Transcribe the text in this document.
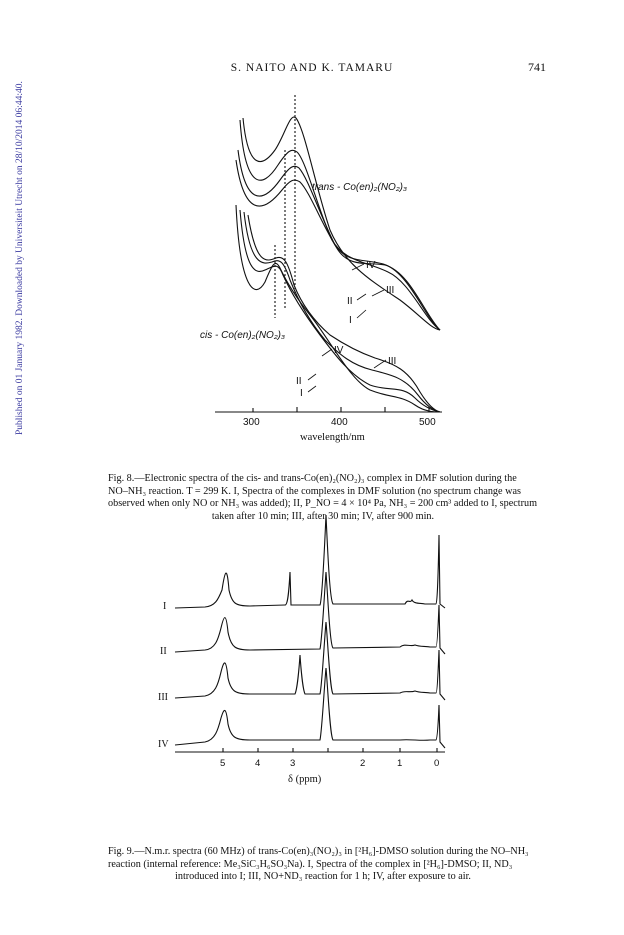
Published on 01 January 1982. Downloaded by Universiteit Utrecht on 28/10/2014 06:44:40.
S. NAITO AND K. TAMARU	741
trans - Co(en)₂(NO₂)₃
cis - Co(en)₂(NO₂)₃
IV
III
II
I
IV
III
II
I
300	400	500
wavelength/nm
I
II
III
IV
5	4	3	2	1	0
δ (ppm)
Fig. 8.—Electronic spectra of the cis- and trans-Co(en)₂(NO₂)₃ complex in DMF solution during the
NO–NH₃ reaction. T = 299 K. I, Spectra of the complexes in DMF solution (no spectrum change was
observed when only NO or NH₃ was added); II, P_NO = 4 × 10⁴ Pa, NH₃ = 200 cm³ added to I, spectrum

taken after 10 min; III, after 30 min; IV, after 900 min.
Fig. 9.—N.m.r. spectra (60 MHz) of trans-Co(en)₃(NO₂)₃ in [²H₆]-DMSO solution during the NO–NH₃
reaction (internal reference: Me₃SiC₃H₆SO₃Na). I, Spectra of the complex in [²H₆]-DMSO; II, ND₃

introduced into I; III, NO+ND₃ reaction for 1 h; IV, after exposure to air.
